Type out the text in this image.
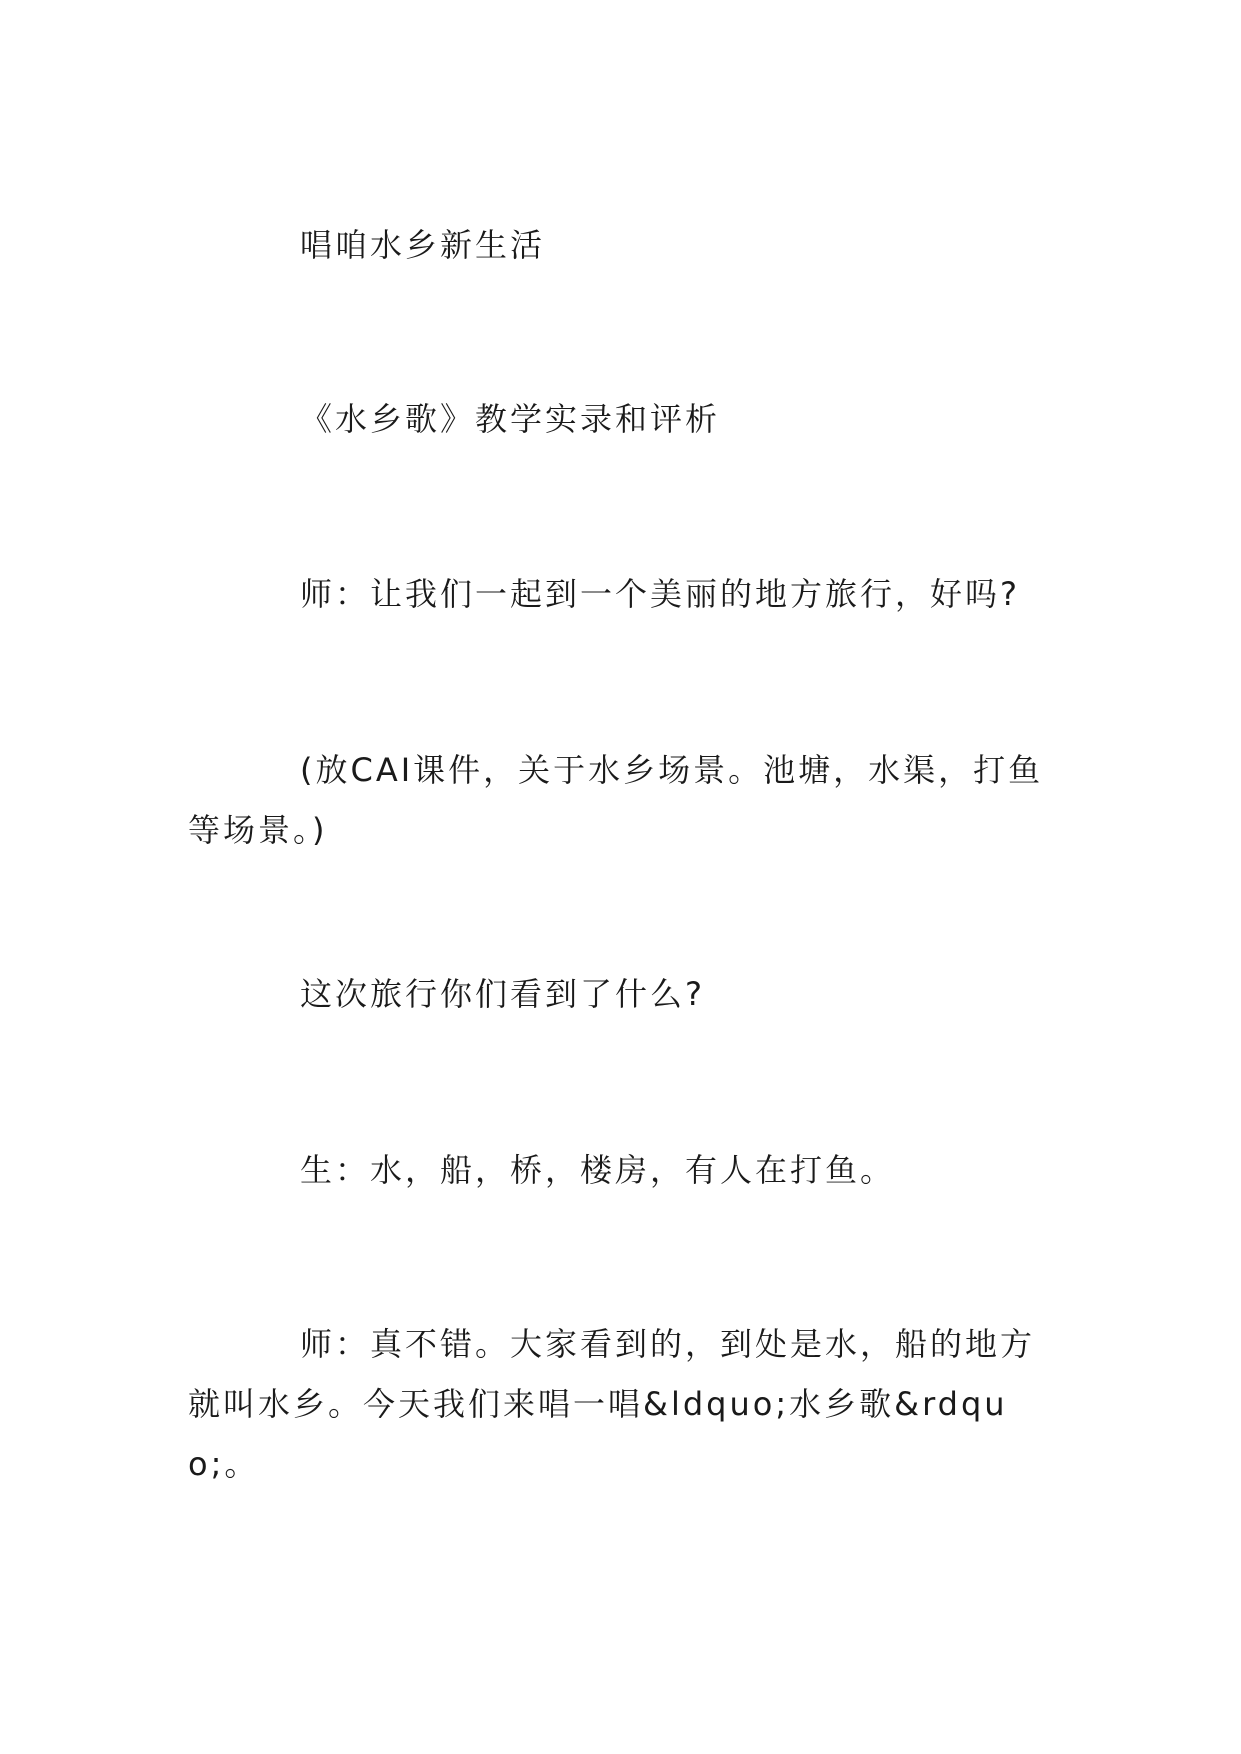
唱咱水乡新生活

《水乡歌》教学实录和评析

师：让我们一起到一个美丽的地方旅行，好吗?

(放CAI课件，关于水乡场景。池塘，水渠，打鱼等场景。)

这次旅行你们看到了什么?

生：水，船，桥，楼房，有人在打鱼。

师：真不错。大家看到的，到处是水，船的地方就叫水乡。今天我们来唱一唱&ldquo;水乡歌&rdquo;。
